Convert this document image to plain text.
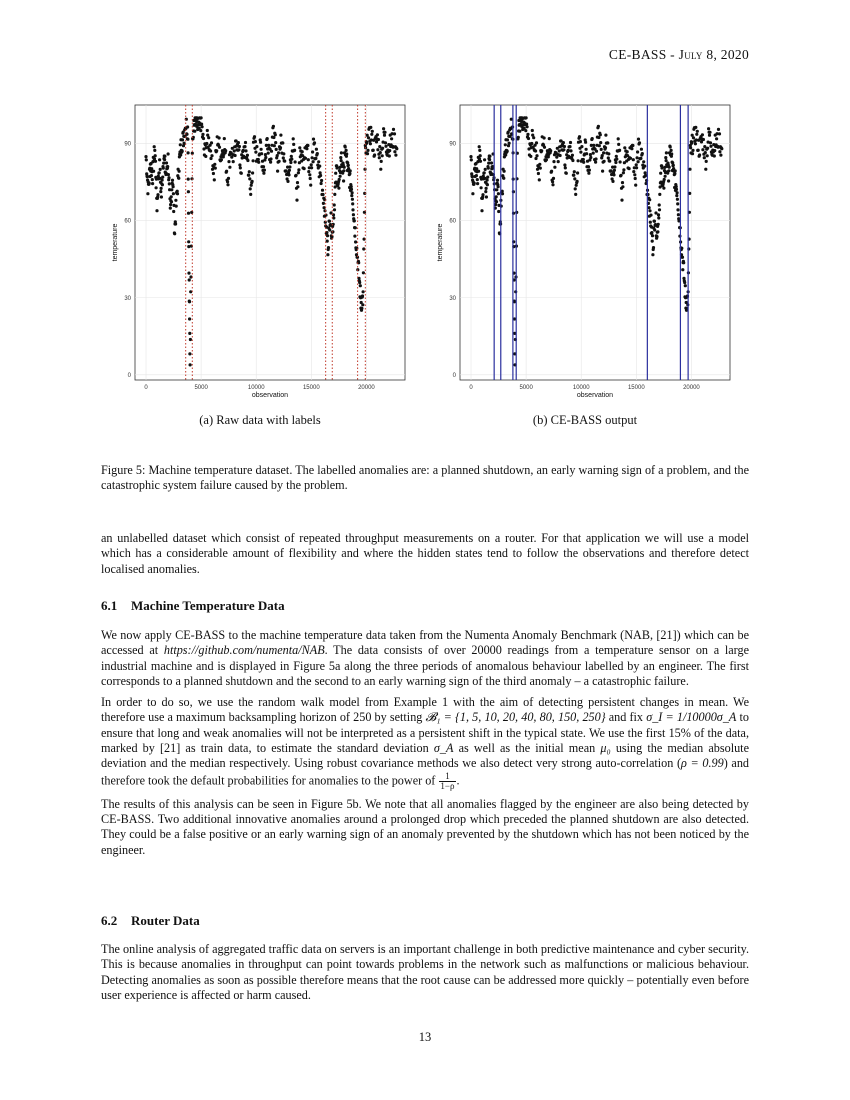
CE-BASS - July 8, 2020
0	5000	10000	15000	20000
0
30
60
90
observation
temperature
0	5000	10000	15000	20000
0
30
60
90
observation
temperature
(a) Raw data with labels	(b) CE-BASS output
Figure 5: Machine temperature dataset. The labelled anomalies are: a planned shutdown, an early warning sign of a problem, and the catastrophic system failure caused by the problem.
an unlabelled dataset which consist of repeated throughput measurements on a router. For that application we will use a model which has a considerable amount of flexibility and where the hidden states tend to follow the observations and therefore detect localised anomalies.
6.1 Machine Temperature Data

We now apply CE-BASS to the machine temperature data taken from the Numenta Anomaly Benchmark (NAB, [21]) which can be accessed at https://github.com/numenta/NAB. The data consists of over 20000 readings from a temperature sensor on a large industrial machine and is displayed in Figure 5a along the three periods of anomalous behaviour labelled by an engineer. The first corresponds to a planned shutdown and the second to an early warning sign of the third anomaly – a catastrophic failure.

In order to do so, we use the random walk model from Example 1 with the aim of detecting persistent changes in mean. We therefore use a maximum backsampling horizon of 250 by setting 𝓑₁ = {1, 5, 10, 20, 40, 80, 150, 250} and fix σ_I = 1/10000σ_A to ensure that long and weak anomalies will not be interpreted as a persistent shift in the typical state. We use the first 15% of the data, marked by [21] as train data, to estimate the standard deviation σ_A as well as the initial mean μ₀ using the median absolute deviation and the median respectively. Using robust covariance methods we also detect very strong auto-correlation (ρ = 0.99) and therefore took the default probabilities for anomalies to the power of $\frac{1}{1-\rho}$ .

The results of this analysis can be seen in Figure 5b. We note that all anomalies flagged by the engineer are also being detected by CE-BASS. Two additional innovative anomalies around a prolonged drop which preceded the planned shutdown are also detected. They could be a false positive or an early warning sign of an anomaly prevented by the shutdown which has not been noticed by the engineer.

6.2 Router Data

The online analysis of aggregated traffic data on servers is an important challenge in both predictive maintenance and cyber security. This is because anomalies in throughput can point towards problems in the network such as malfunctions or malicious behaviour. Detecting anomalies as soon as possible therefore means that the root cause can be addressed more quickly – potentially even before user experience is affected or harm caused.

13
